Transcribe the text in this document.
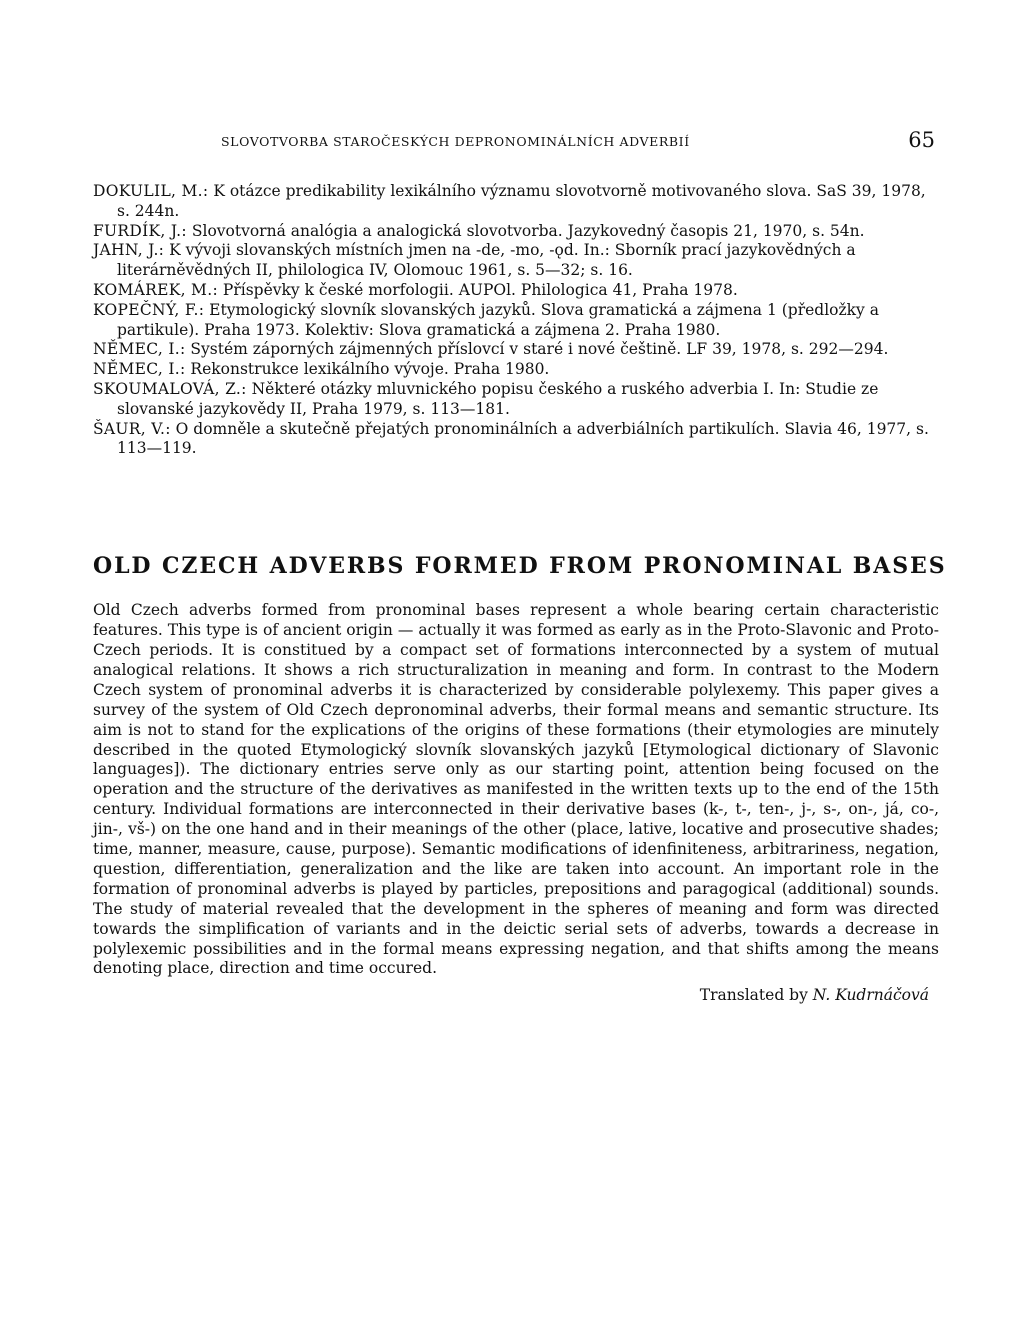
SLOVOTVORBA STAROČESKÝCH DEPRONOMINÁLNÍCH ADVERBIÍ	65

DOKULIL, M.: K otázce predikability lexikálního významu slovotvorně motivovaného slova. SaS 39, 1978, s. 244n.

FURDÍK, J.: Slovotvorná analógia a analogická slovotvorba. Jazykovedný časopis 21, 1970, s. 54n.

JAHN, J.: K vývoji slovanských místních jmen na -de, -mo, -ǫd. In.: Sborník prací jazykovědných a literárněvědných II, philologica IV, Olomouc 1961, s. 5—32; s. 16.

KOMÁREK, M.: Příspěvky k české morfologii. AUPOl. Philologica 41, Praha 1978.

KOPEČNÝ, F.: Etymologický slovník slovanských jazyků. Slova gramatická a zájmena 1 (předložky a partikule). Praha 1973. Kolektiv: Slova gramatická a zájmena 2. Praha 1980.

NĚMEC, I.: Systém záporných zájmenných příslovcí v staré i nové češtině. LF 39, 1978, s. 292—294.

NĚMEC, I.: Rekonstrukce lexikálního vývoje. Praha 1980.

SKOUMALOVÁ, Z.: Některé otázky mluvnického popisu českého a ruského adverbia I. In: Studie ze slovanské jazykovědy II, Praha 1979, s. 113—181.

ŠAUR, V.: O domněle a skutečně přejatých pronominálních a adverbiálních partikulích. Slavia 46, 1977, s. 113—119.

OLD CZECH ADVERBS FORMED FROM PRONOMINAL BASES

Old Czech adverbs formed from pronominal bases represent a whole bearing certain characteristic features. This type is of ancient origin — actually it was formed as early as in the Proto-Slavonic and Proto-Czech periods. It is constitued by a compact set of formations interconnected by a system of mutual analogical relations. It shows a rich structuralization in meaning and form. In contrast to the Modern Czech system of pronominal adverbs it is characterized by considerable polylexemy. This paper gives a survey of the system of Old Czech depronominal adverbs, their formal means and semantic structure. Its aim is not to stand for the explications of the origins of these formations (their etymologies are minutely described in the quoted Etymologický slovník slovanských jazyků [Etymological dictionary of Slavonic languages]). The dictionary entries serve only as our starting point, attention being focused on the operation and the structure of the derivatives as manifested in the written texts up to the end of the 15th century. Individual formations are interconnected in their derivative bases (k-, t-, ten-, j-, s-, on-, já, co-, jin-, vš-) on the one hand and in their meanings of the other (place, lative, locative and prosecutive shades; time, manner, measure, cause, purpose). Semantic modifications of idenfiniteness, arbitrariness, negation, question, differentiation, generalization and the like are taken into account. An important role in the formation of pronominal adverbs is played by particles, prepositions and paragogical (additional) sounds. The study of material revealed that the development in the spheres of meaning and form was directed towards the simplification of variants and in the deictic serial sets of adverbs, towards a decrease in polylexemic possibilities and in the formal means expressing negation, and that shifts among the means denoting place, direction and time occured.

Translated by N. Kudrnáčová
